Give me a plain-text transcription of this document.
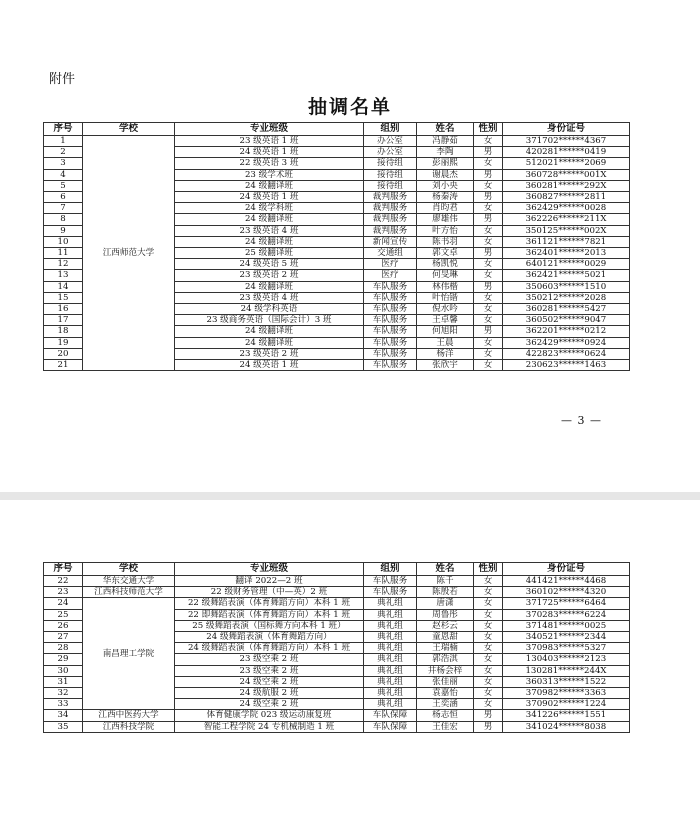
附件
抽调名单
序号	学校	专业班级	组别	姓名	性别	身份证号
1	江西师范大学	23 级英语 1 班	办公室	冯静茹	女	371702******4367
2		24 级英语 1 班	办公室	李陶	男	420281******0419
3		22 级英语 3 班	接待组	彭丽熙	女	512021******2069
4		23 级学术班	接待组	谢晨杰	男	360728******001X
5		24 级翻译班	接待组	刘小央	女	360281******292X
6		24 级英语 1 班	裁判服务	杨秦涛	男	360827******2811
7		24 级学科班	裁判服务	肖昀君	女	362429******0028
8		24 级翻译班	裁判服务	廖雄伟	男	362226******211X
9		23 级英语 4 班	裁判服务	叶方怡	女	350125******002X
10		24 级翻译班	新闻宣传	陈书羽	女	361121******7821
11		25 级翻译班	交通组	郭文卓	男	362401******2013
12		24 级英语 5 班	医疗	杨凯悦	女	640121******0029
13		23 级英语 2 班	医疗	何旻琳	女	362421******5021
14		24 级翻译班	车队服务	林伟楷	男	350603******1510
15		23 级英语 4 班	车队服务	叶怡锴	女	350212******2028
16		24 级学科英语	车队服务	倪水吟	女	360281******5427
17		23 级商务英语（国际会计）3 班	车队服务	王卓馨	女	360502******9047
18		24 级翻译班	车队服务	何旭阳	男	362201******0212
19		24 级翻译班	车队服务	王晨	女	362429******0924
20		23 级英语 2 班	车队服务	杨洋	女	422823******0624
21		24 级英语 1 班	车队服务	张欣宇	女	230623******1463
— 3 —
序号	学校	专业班级	组别	姓名	性别	身份证号
22	华东交通大学	翻译 2022—2 班	车队服务	陈千	女	441421******4468
23	江西科技师范大学	22 级财务管理（中—英）2 班	车队服务	陈殷若	女	360102******4320
24	南昌理工学院	22 级舞蹈表演（体育舞蹈方向）本科 1 班	典礼组	唐潇	女	371725******6464
25		22 即舞蹈表演（体育舞蹈方向）本科 1 班	典礼组	周鲁彤	女	370283******6224
26		25 级舞蹈表演（国标舞方向本科 1 班）	典礼组	赵杉云	女	371481******0025
27		24 级舞蹈表演（体育舞蹈方向）	典礼组	童恩甜	女	340521******2344
28		24 级舞蹈表演（体育舞蹈方向）本科 1 班	典礼组	王瑞楠	女	370983******5327
29		23 级空乘 2 班	典礼组	郭浩淇	女	130403******2123
30		23 级空乘 2 班	典礼组	井杨会梓	女	130281******244X
31		24 级空乘 2 班	典礼组	张佳丽	女	360313******1522
32		24 级航服 2 班	典礼组	袁嘉怡	女	370982******3363
33		24 级空乘 2 班	典礼组	王奕涵	女	370902******1224
34	江西中医药大学	体育健康学院 023 级运动康复班	车队保障	杨志恒	男	341226******1551
35	江西科技学院	智能工程学院 24 专机械制造 1 班	车队保障	王佳宏	男	341024******8038
